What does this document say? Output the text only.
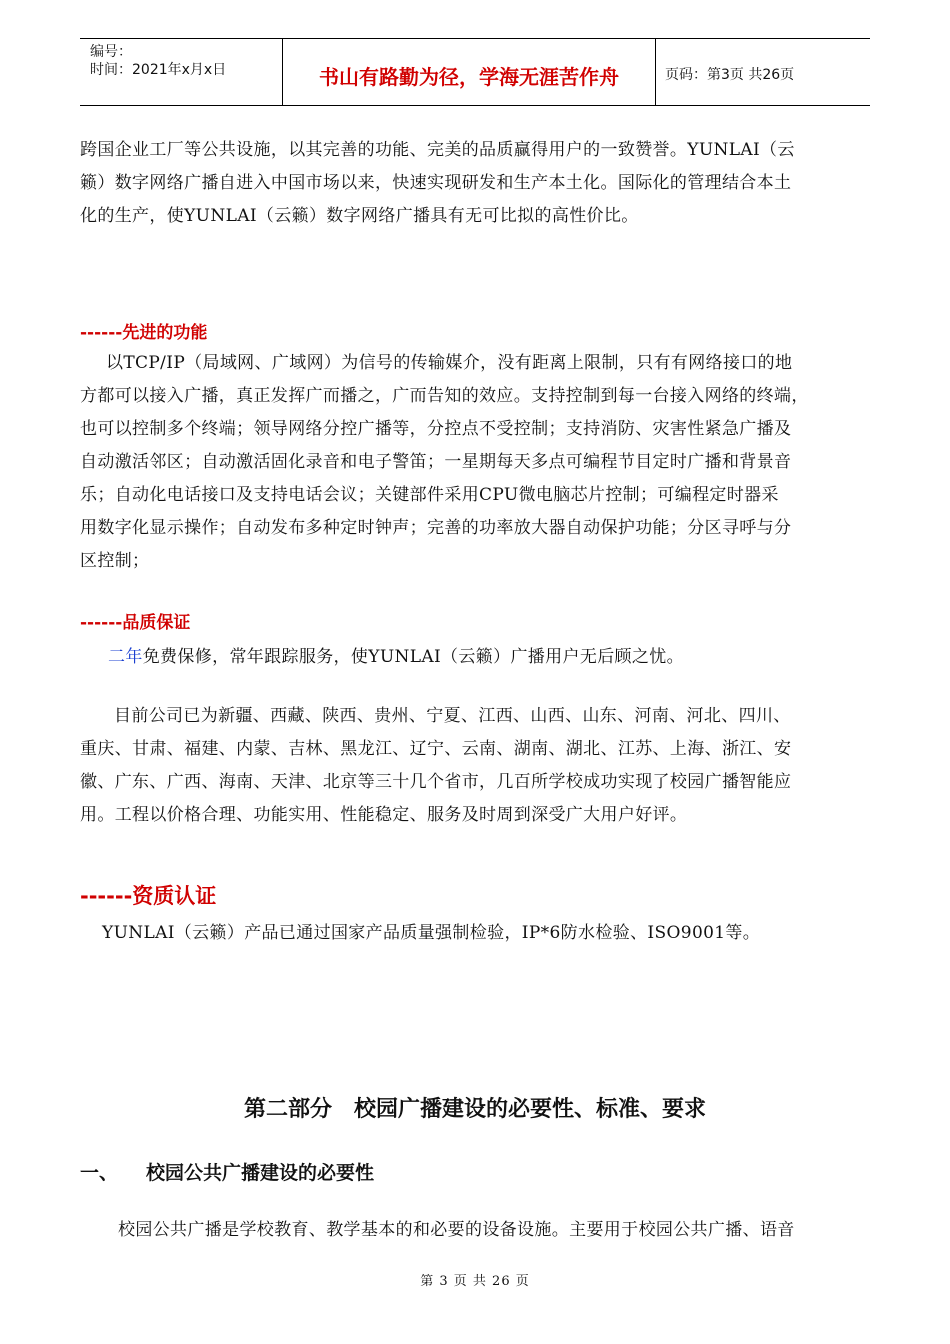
编号：
时间：2021年x月x日	书山有路勤为径，学海无涯苦作舟	页码：第3页 共26页
跨国企业工厂等公共设施，以其完善的功能、完美的品质赢得用户的一致赞誉。YUNLAI（云
籁）数字网络广播自进入中国市场以来，快速实现研发和生产本土化。国际化的管理结合本土
化的生产，使YUNLAI（云籁）数字网络广播具有无可比拟的高性价比。
------先进的功能
以TCP/IP（局域网、广域网）为信号的传输媒介，没有距离上限制，只有有网络接口的地
方都可以接入广播，真正发挥广而播之，广而告知的效应。支持控制到每一台接入网络的终端，
也可以控制多个终端；领导网络分控广播等，分控点不受控制；支持消防、灾害性紧急广播及
自动激活邻区；自动激活固化录音和电子警笛；一星期每天多点可编程节目定时广播和背景音
乐；自动化电话接口及支持电话会议；关键部件采用CPU微电脑芯片控制；可编程定时器采
用数字化显示操作；自动发布多种定时钟声；完善的功率放大器自动保护功能；分区寻呼与分
区控制；
------品质保证
二年免费保修，常年跟踪服务，使YUNLAI（云籁）广播用户无后顾之忧。
目前公司已为新疆、西藏、陕西、贵州、宁夏、江西、山西、山东、河南、河北、四川、
重庆、甘肃、福建、内蒙、吉林、黑龙江、辽宁、云南、湖南、湖北、江苏、上海、浙江、安
徽、广东、广西、海南、天津、北京等三十几个省市，几百所学校成功实现了校园广播智能应
用。工程以价格合理、功能实用、性能稳定、服务及时周到深受广大用户好评。
------资质认证
YUNLAI（云籁）产品已通过国家产品质量强制检验，IP*6防水检验、ISO9001等。
第二部分　校园广播建设的必要性、标准、要求
一、 校园公共广播建设的必要性
校园公共广播是学校教育、教学基本的和必要的设备设施。主要用于校园公共广播、语音
第 3 页 共 26 页
